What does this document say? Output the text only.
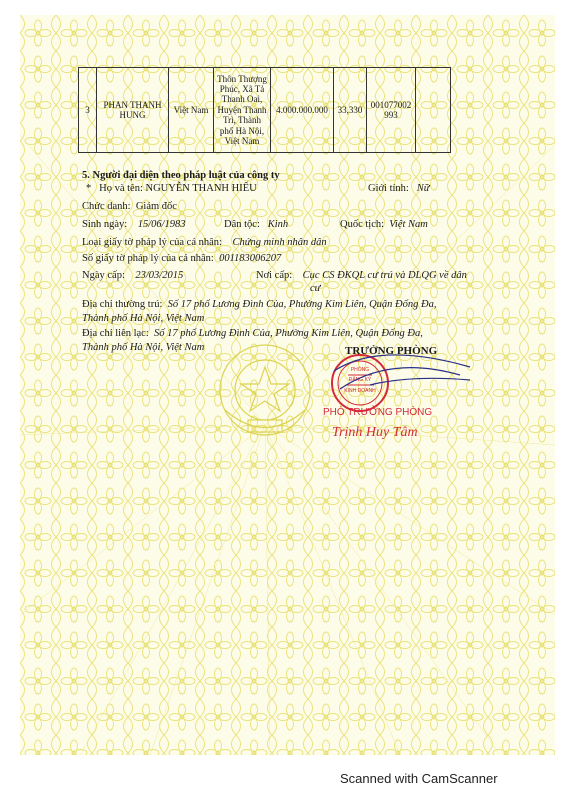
3	PHAN THANH HUNG	Việt Nam	Thôn Thượng Phúc, Xã Tả Thanh Oai, Huyện Thanh Trì, Thành phố Hà Nội, Việt Nam	4.000.000.000	33,330	001077002993	
5. Người đại diện theo pháp luật của công ty
*   Họ và tên: NGUYỄN THANH HIẾU	Giới tính: Nữ
Chức danh: Giám đốc
Sinh ngày: 15/06/1983	Dân tộc: Kinh	Quốc tịch: Việt Nam
Loại giấy tờ pháp lý của cá nhân: Chứng minh nhân dân
Số giấy tờ pháp lý của cá nhân: 001183006207
Ngày cấp: 23/03/2015	Nơi cấp: Cục CS ĐKQL cư trú và DLQG về dân
cư
Địa chỉ thường trú: Số 17 phố Lương Đình Của, Phường Kim Liên, Quận Đống Đa,
Thành phố Hà Nội, Việt Nam
Địa chỉ liên lạc: Số 17 phố Lương Đình Của, Phường Kim Liên, Quận Đống Đa,
Thành phố Hà Nội, Việt Nam
PHÒNG
ĐĂNG KÝ
KINH DOANH
TRƯỞNG PHÒNG
PHÓ TRƯỞNG PHÒNG
Trịnh Huy Tâm
Scanned with CamScanner
